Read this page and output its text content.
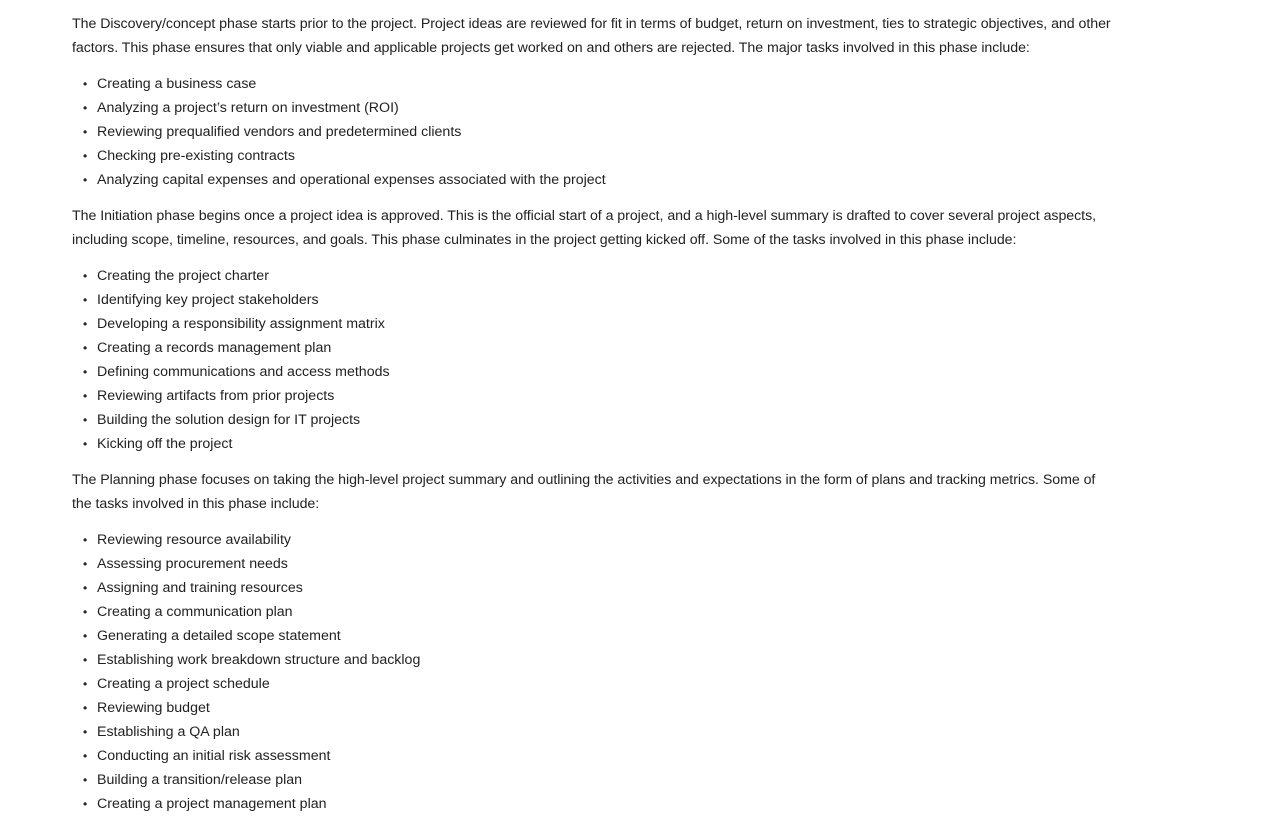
The Discovery/concept phase starts prior to the project. Project ideas are reviewed for fit in terms of budget, return on investment, ties to strategic objectives, and other factors. This phase ensures that only viable and applicable projects get worked on and others are rejected. The major tasks involved in this phase include:

• Creating a business case
• Analyzing a project’s return on investment (ROI)
• Reviewing prequalified vendors and predetermined clients
• Checking pre-existing contracts
• Analyzing capital expenses and operational expenses associated with the project

The Initiation phase begins once a project idea is approved. This is the official start of a project, and a high-level summary is drafted to cover several project aspects, including scope, timeline, resources, and goals. This phase culminates in the project getting kicked off. Some of the tasks involved in this phase include:

• Creating the project charter
• Identifying key project stakeholders
• Developing a responsibility assignment matrix
• Creating a records management plan
• Defining communications and access methods
• Reviewing artifacts from prior projects
• Building the solution design for IT projects
• Kicking off the project

The Planning phase focuses on taking the high-level project summary and outlining the activities and expectations in the form of plans and tracking metrics. Some of the tasks involved in this phase include:

• Reviewing resource availability
• Assessing procurement needs
• Assigning and training resources
• Creating a communication plan
• Generating a detailed scope statement
• Establishing work breakdown structure and backlog
• Creating a project schedule
• Reviewing budget
• Establishing a QA plan
• Conducting an initial risk assessment
• Building a transition/release plan
• Creating a project management plan
